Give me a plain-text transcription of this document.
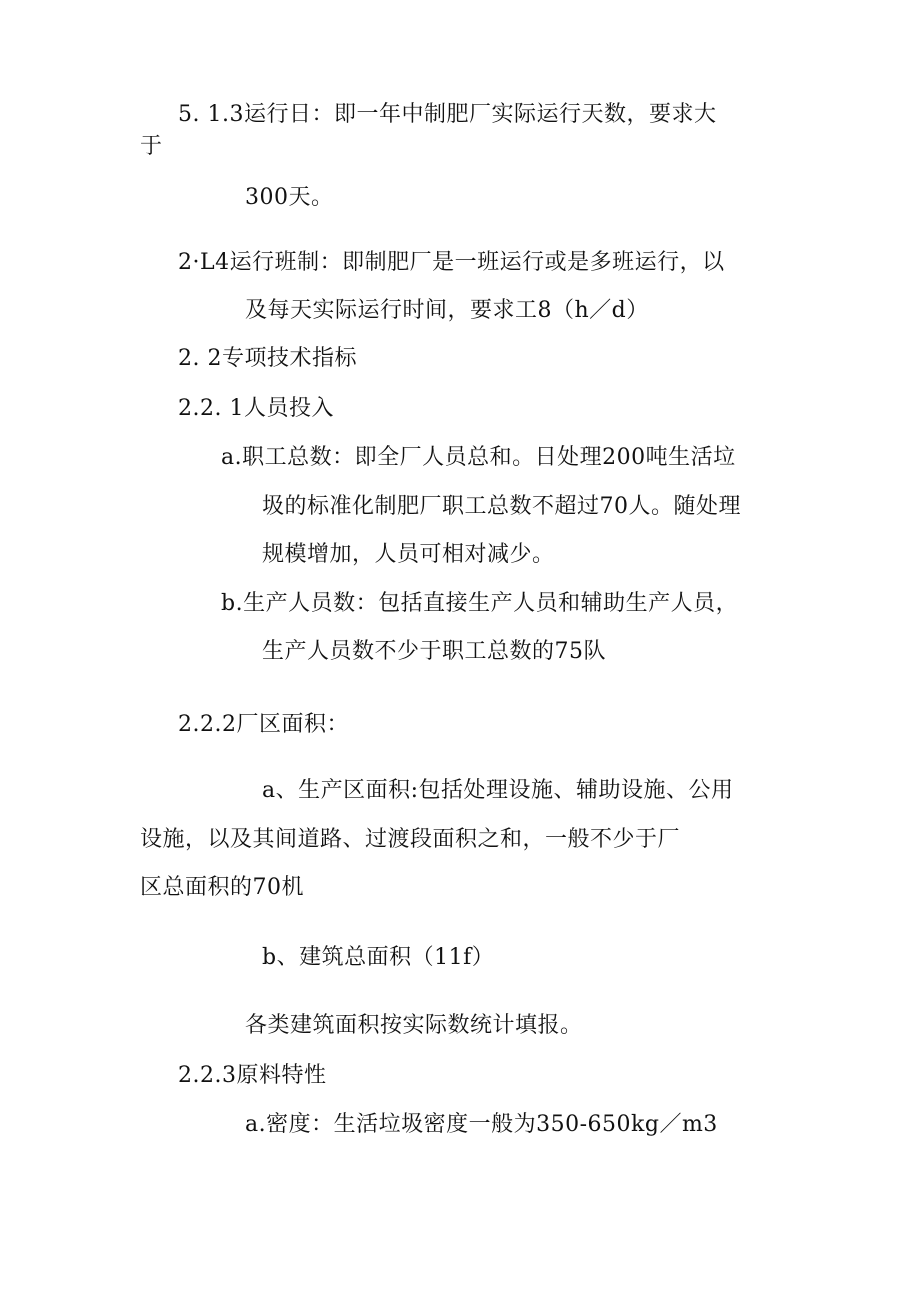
5. 1.3运行日：即一年中制肥厂实际运行天数，要求大
于
300天。
2·L4运行班制：即制肥厂是一班运行或是多班运行，以
及每天实际运行时间，要求工8（h／d）
2. 2专项技术指标
2.2. 1人员投入
a.职工总数：即全厂人员总和。日处理200吨生活垃
圾的标准化制肥厂职工总数不超过70人。随处理
规模增加，人员可相对减少。
b.生产人员数：包括直接生产人员和辅助生产人员，
生产人员数不少于职工总数的75队
2.2.2厂区面积：
a、生产区面积:包括处理设施、辅助设施、公用
设施，以及其间道路、过渡段面积之和，一般不少于厂
区总面积的70机
b、建筑总面积（11f）
各类建筑面积按实际数统计填报。
2.2.3原料特性
a.密度：生活垃圾密度一般为350-650kg／m3
